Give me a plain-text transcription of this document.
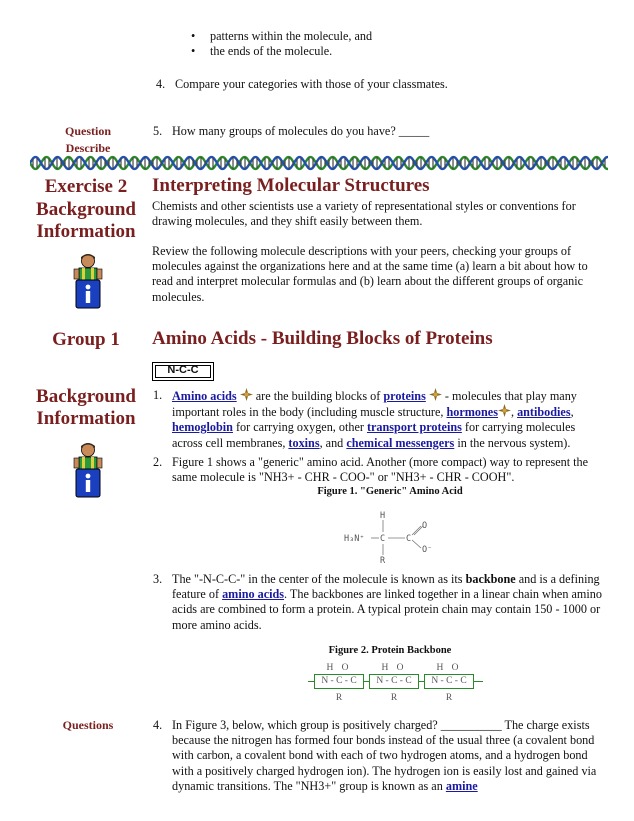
• patterns within the molecule, and
• the ends of the molecule.
4. Compare your categories with those of your classmates.
Question
Describe
5. How many groups of molecules do you have? _____
Exercise 2	Interpreting Molecular Structures
Background
Information
Chemists and other scientists use a variety of representational styles or conventions for drawing molecules, and they shift easily between them.
Review the following molecule descriptions with your peers, checking your groups of molecules against the organizations here and at the same time (a) learn a bit about how to read and interpret molecular formulas and (b) learn about the different groups of organic molecules.
Group 1	Amino Acids - Building Blocks of Proteins
N-C-C
Background
Information
1. Amino acids  are the building blocks of proteins  - molecules that play many important roles in the body (including muscle structure, hormones , antibodies, hemoglobin for carrying oxygen, other transport proteins for carrying molecules across cell membranes, toxins, and chemical messengers in the nervous system).
2. Figure 1 shows a "generic" amino acid. Another (more compact) way to represent the same molecule is "NH3+ - CHR - COO-" or "NH3+ - CHR - COOH".
Figure 1. "Generic" Amino Acid
H
H₃N⁺ C C
O
O⁻
R
3. The "-N-C-C-" in the center of the molecule is known as its backbone and is a defining feature of amino acids. The backbones are linked together in a linear chain when amino acids are combined to form a protein. A typical protein chain may contain 150 - 1000 or more amino acids.
Figure 2. Protein Backbone
H O
N - C - C
R
H O
N - C - C
R
H O
N - C - C
R
Questions	4. In Figure 3, below, which group is positively charged? __________ The charge exists because the nitrogen has formed four bonds instead of the usual three (a covalent bond with carbon, a covalent bond with each of two hydrogen atoms, and a hydrogen bond with a positively charged hydrogen ion). The hydrogen ion is easily lost and gained via dynamic transitions. The "NH3+" group is known as an amine
